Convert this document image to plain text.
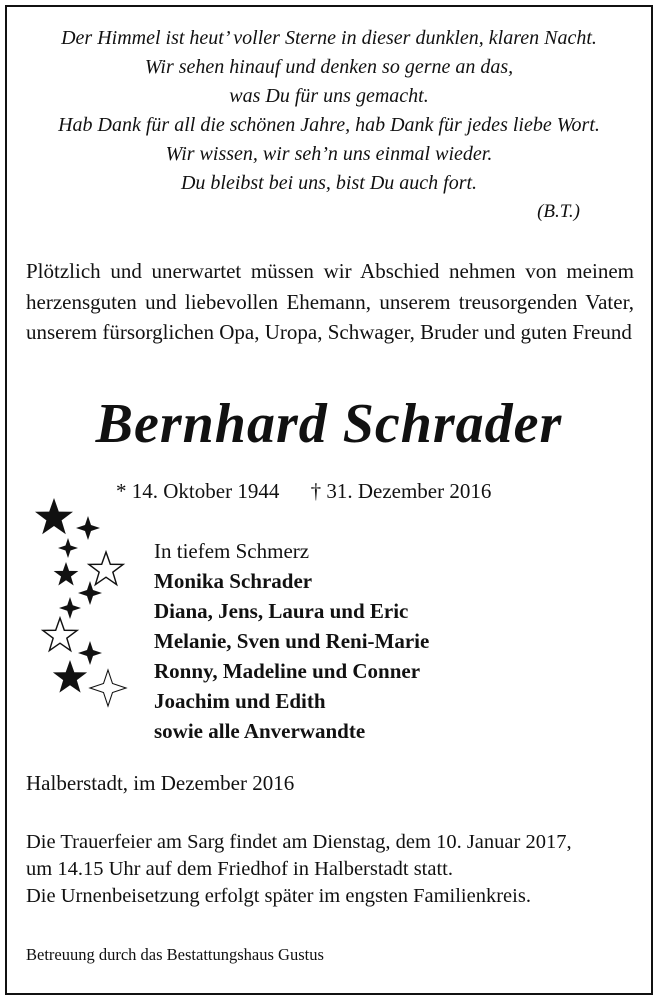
Der Himmel ist heut’ voller Sterne in dieser dunklen, klaren Nacht.
Wir sehen hinauf und denken so gerne an das,
was Du für uns gemacht.
Hab Dank für all die schönen Jahre, hab Dank für jedes liebe Wort.
Wir wissen, wir seh’n uns einmal wieder.
Du bleibst bei uns, bist Du auch fort.
(B.T.)
Plötzlich und unerwartet müssen wir Abschied nehmen von meinem herzensguten und liebevollen Ehemann, unserem treusorgenden Vater, unserem fürsorglichen Opa, Uropa, Schwager, Bruder und guten Freund
Bernhard Schrader
* 14. Oktober 1944 † 31. Dezember 2016
In tiefem Schmerz
Monika Schrader
Diana, Jens, Laura und Eric
Melanie, Sven und Reni-Marie
Ronny, Madeline und Conner
Joachim und Edith
sowie alle Anverwandte
Halberstadt, im Dezember 2016
Die Trauerfeier am Sarg findet am Dienstag, dem 10. Januar 2017,
um 14.15 Uhr auf dem Friedhof in Halberstadt statt.
Die Urnenbeisetzung erfolgt später im engsten Familienkreis.
Betreuung durch das Bestattungshaus Gustus
